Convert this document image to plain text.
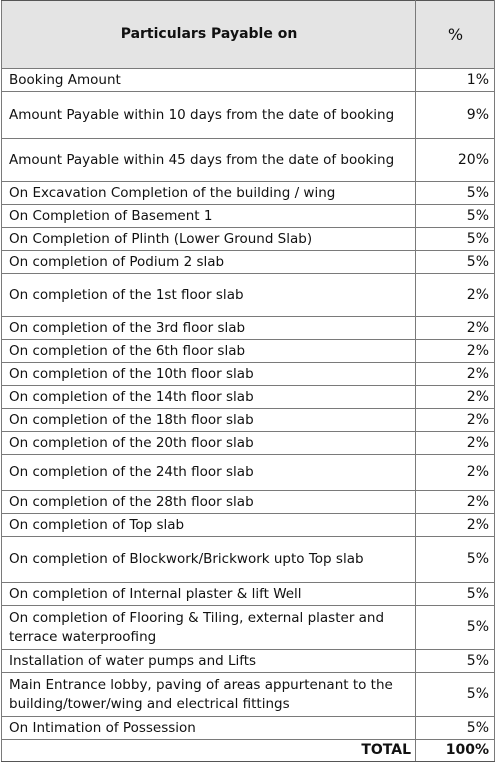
Particulars Payable on	%
Booking Amount	1%
Amount Payable within 10 days from the date of booking	9%
Amount Payable within 45 days from the date of booking	20%
On Excavation Completion of the building / wing	5%
On Completion of Basement 1	5%
On Completion of Plinth (Lower Ground Slab)	5%
On completion of Podium 2 slab	5%
On completion of the 1st floor slab	2%
On completion of the 3rd floor slab	2%
On completion of the 6th floor slab	2%
On completion of the 10th floor slab	2%
On completion of the 14th floor slab	2%
On completion of the 18th floor slab	2%
On completion of the 20th floor slab	2%
On completion of the 24th floor slab	2%
On completion of the 28th floor slab	2%
On completion of Top slab	2%
On completion of Blockwork/Brickwork upto Top slab	5%
On completion of Internal plaster & lift Well	5%
On completion of Flooring & Tiling, external plaster and terrace waterproofing	5%
Installation of water pumps and Lifts	5%
Main Entrance lobby, paving of areas appurtenant to the building/tower/wing and electrical fittings	5%
On Intimation of Possession	5%
TOTAL	100%
